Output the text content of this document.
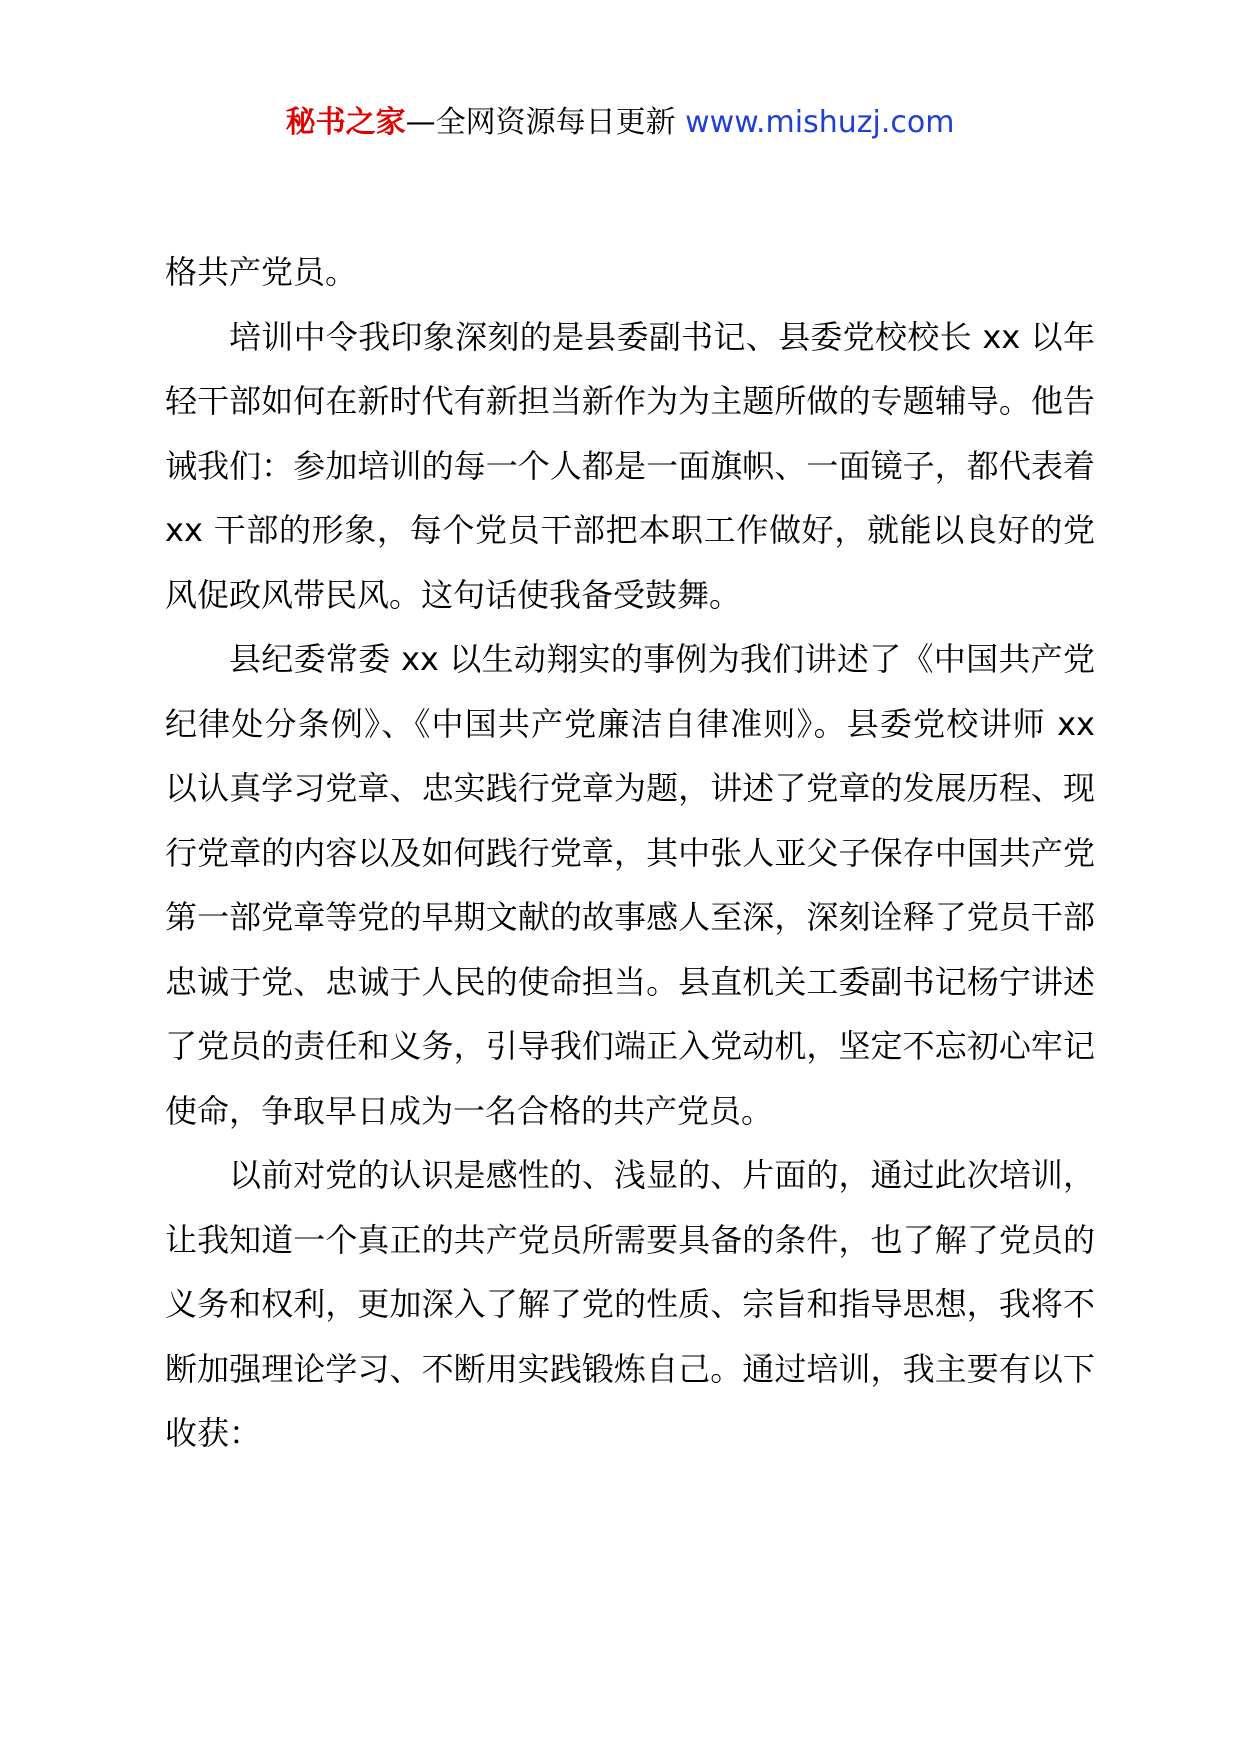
秘书之家—全网资源每日更新 www.mishuzj.com

格共产党员。

培训中令我印象深刻的是县委副书记、县委党校校长 xx 以年轻干部如何在新时代有新担当新作为为主题所做的专题辅导。他告诫我们：参加培训的每一个人都是一面旗帜、一面镜子，都代表着 xx 干部的形象，每个党员干部把本职工作做好，就能以良好的党风促政风带民风。这句话使我备受鼓舞。

县纪委常委 xx 以生动翔实的事例为我们讲述了《中国共产党纪律处分条例》、《中国共产党廉洁自律准则》。县委党校讲师 xx 以认真学习党章、忠实践行党章为题，讲述了党章的发展历程、现行党章的内容以及如何践行党章，其中张人亚父子保存中国共产党第一部党章等党的早期文献的故事感人至深，深刻诠释了党员干部忠诚于党、忠诚于人民的使命担当。县直机关工委副书记杨宁讲述了党员的责任和义务，引导我们端正入党动机，坚定不忘初心牢记使命，争取早日成为一名合格的共产党员。

以前对党的认识是感性的、浅显的、片面的，通过此次培训，让我知道一个真正的共产党员所需要具备的条件，也了解了党员的义务和权利，更加深入了解了党的性质、宗旨和指导思想，我将不断加强理论学习、不断用实践锻炼自己。通过培训，我主要有以下收获：
